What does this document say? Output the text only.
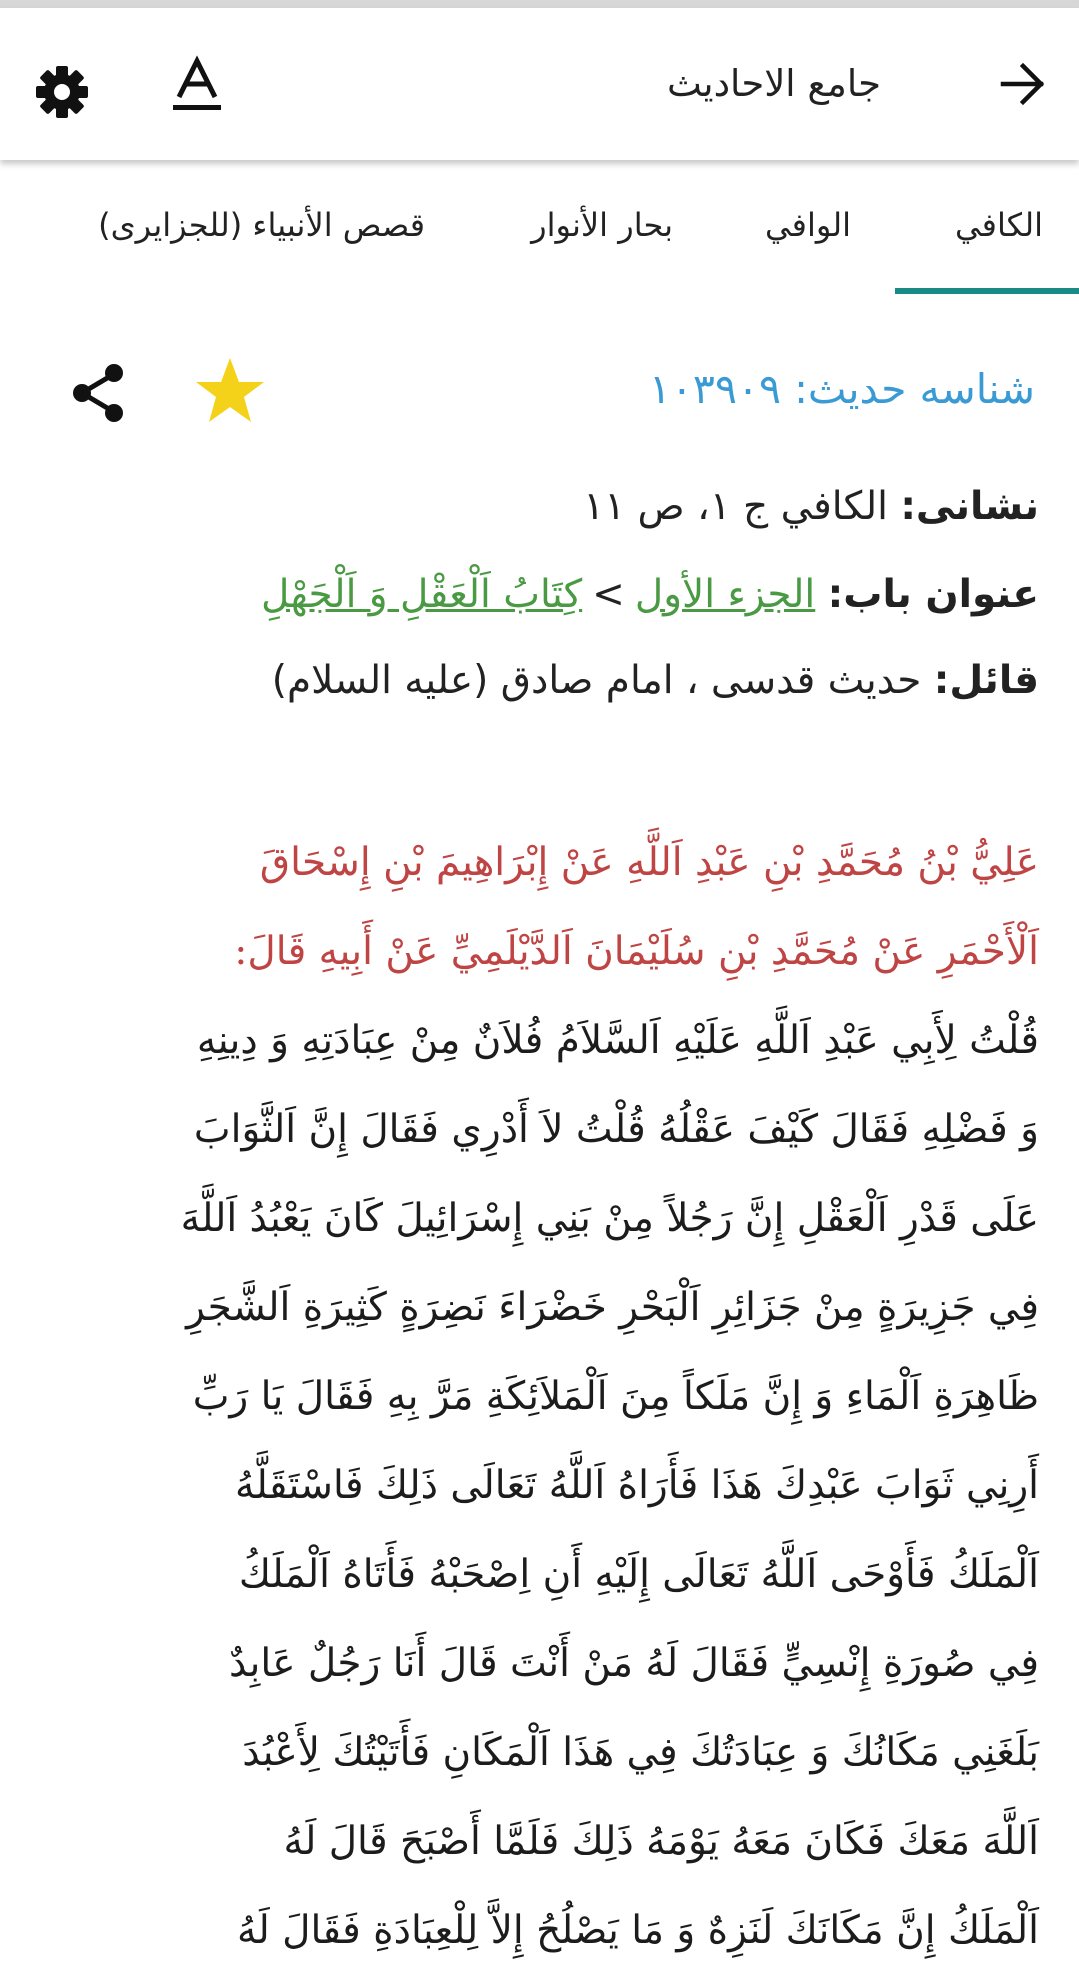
جامع الاحاديث
الكافي
الوافي
بحار الأنوار
قصص الأنبياء (للجزايرى)
شناسه حديث: ۱۰۳۹۰۹
نشانی: الكافي ج ۱، ص ۱۱
عنوان باب: الجزء الأول>كِتَابُ اَلْعَقْلِ وَ اَلْجَهْلِ
قائل: حديث قدسى ، امام صادق (عليه السلام)
عَلِيُّ بْنُ مُحَمَّدِ بْنِ عَبْدِ اَللَّهِ عَنْ إِبْرَاهِيمَ بْنِ إِسْحَاقَ
اَلْأَحْمَرِ عَنْ مُحَمَّدِ بْنِ سُلَيْمَانَ اَلدَّيْلَمِيِّ عَنْ أَبِيهِ قَالَ:
قُلْتُ لِأَبِي عَبْدِ اَللَّهِ عَلَيْهِ اَلسَّلاَمُ فُلاَنٌ مِنْ عِبَادَتِهِ وَ دِينِهِ
وَ فَضْلِهِ فَقَالَ كَيْفَ عَقْلُهُ قُلْتُ لاَ أَدْرِي فَقَالَ إِنَّ اَلثَّوَابَ
عَلَى قَدْرِ اَلْعَقْلِ إِنَّ رَجُلاً مِنْ بَنِي إِسْرَائِيلَ كَانَ يَعْبُدُ اَللَّهَ
فِي جَزِيرَةٍ مِنْ جَزَائِرِ اَلْبَحْرِ خَضْرَاءَ نَضِرَةٍ كَثِيرَةِ اَلشَّجَرِ
ظَاهِرَةِ اَلْمَاءِ وَ إِنَّ مَلَكاً مِنَ اَلْمَلاَئِكَةِ مَرَّ بِهِ فَقَالَ يَا رَبِّ
أَرِنِي ثَوَابَ عَبْدِكَ هَذَا فَأَرَاهُ اَللَّهُ تَعَالَى ذَلِكَ فَاسْتَقَلَّهُ
اَلْمَلَكُ فَأَوْحَى اَللَّهُ تَعَالَى إِلَيْهِ أَنِ اِصْحَبْهُ فَأَتَاهُ اَلْمَلَكُ
فِي صُورَةِ إِنْسِيٍّ فَقَالَ لَهُ مَنْ أَنْتَ قَالَ أَنَا رَجُلٌ عَابِدٌ
بَلَغَنِي مَكَانُكَ وَ عِبَادَتُكَ فِي هَذَا اَلْمَكَانِ فَأَتَيْتُكَ لِأَعْبُدَ
اَللَّهَ مَعَكَ فَكَانَ مَعَهُ يَوْمَهُ ذَلِكَ فَلَمَّا أَصْبَحَ قَالَ لَهُ
اَلْمَلَكُ إِنَّ مَكَانَكَ لَنَزِهٌ وَ مَا يَصْلُحُ إِلاَّ لِلْعِبَادَةِ فَقَالَ لَهُ
